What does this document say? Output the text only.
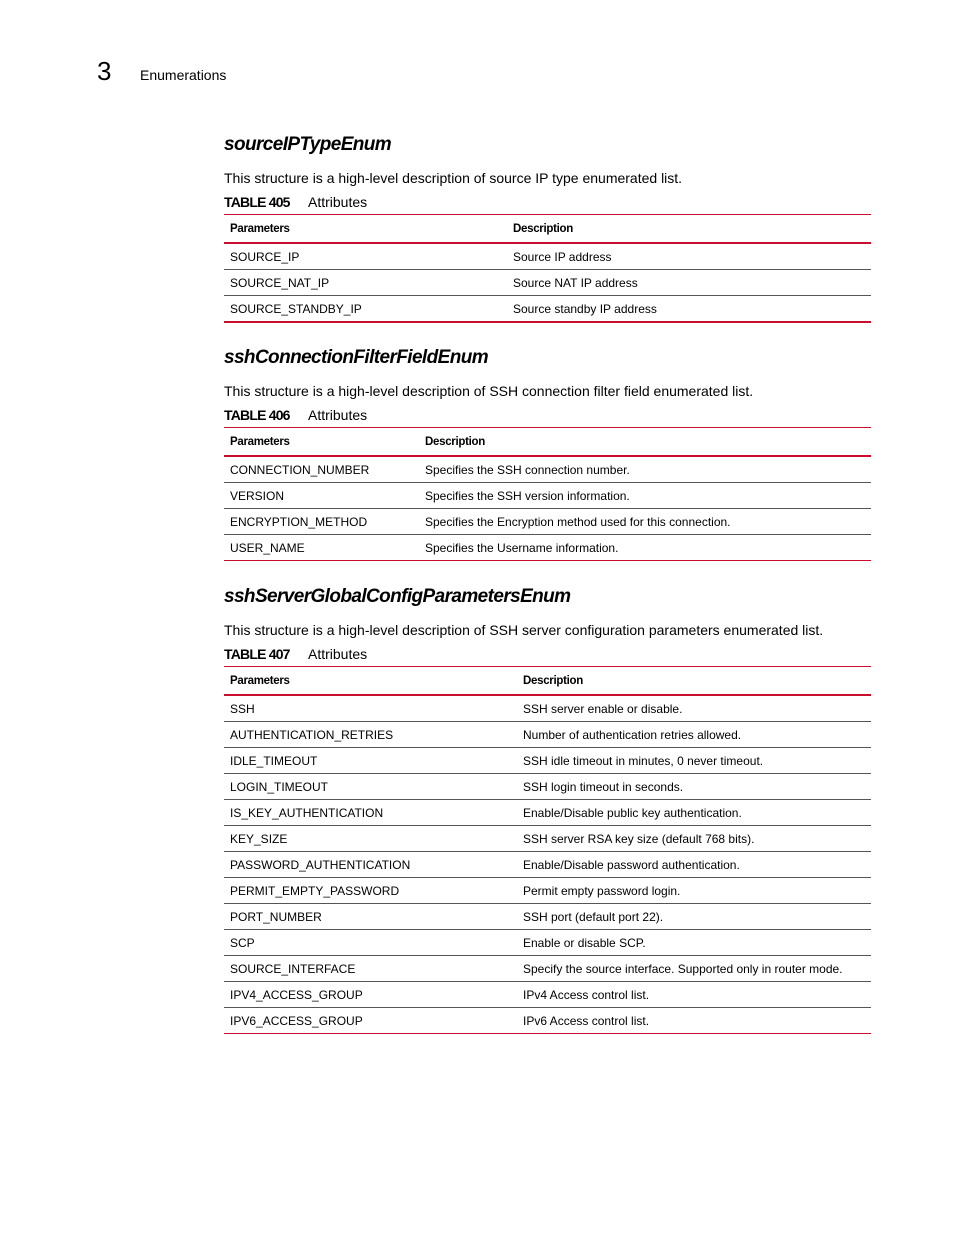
3	Enumerations
sourceIPTypeEnum

This structure is a high-level description of source IP type enumerated list.

TABLE 405	Attributes
Parameters	Description
SOURCE_IP	Source IP address
SOURCE_NAT_IP	Source NAT IP address
SOURCE_STANDBY_IP	Source standby IP address
sshConnectionFilterFieldEnum

This structure is a high-level description of SSH connection filter field enumerated list.

TABLE 406	Attributes
Parameters	Description
CONNECTION_NUMBER	Specifies the SSH connection number.
VERSION	Specifies the SSH version information.
ENCRYPTION_METHOD	Specifies the Encryption method used for this connection.
USER_NAME	Specifies the Username information.
sshServerGlobalConfigParametersEnum

This structure is a high-level description of SSH server configuration parameters enumerated list.

TABLE 407	Attributes
Parameters	Description
SSH	SSH server enable or disable.
AUTHENTICATION_RETRIES	Number of authentication retries allowed.
IDLE_TIMEOUT	SSH idle timeout in minutes, 0 never timeout.
LOGIN_TIMEOUT	SSH login timeout in seconds.
IS_KEY_AUTHENTICATION	Enable/Disable public key authentication.
KEY_SIZE	SSH server RSA key size (default 768 bits).
PASSWORD_AUTHENTICATION	Enable/Disable password authentication.
PERMIT_EMPTY_PASSWORD	Permit empty password login.
PORT_NUMBER	SSH port (default port 22).
SCP	Enable or disable SCP.
SOURCE_INTERFACE	Specify the source interface. Supported only in router mode.
IPV4_ACCESS_GROUP	IPv4 Access control list.
IPV6_ACCESS_GROUP	IPv6 Access control list.
